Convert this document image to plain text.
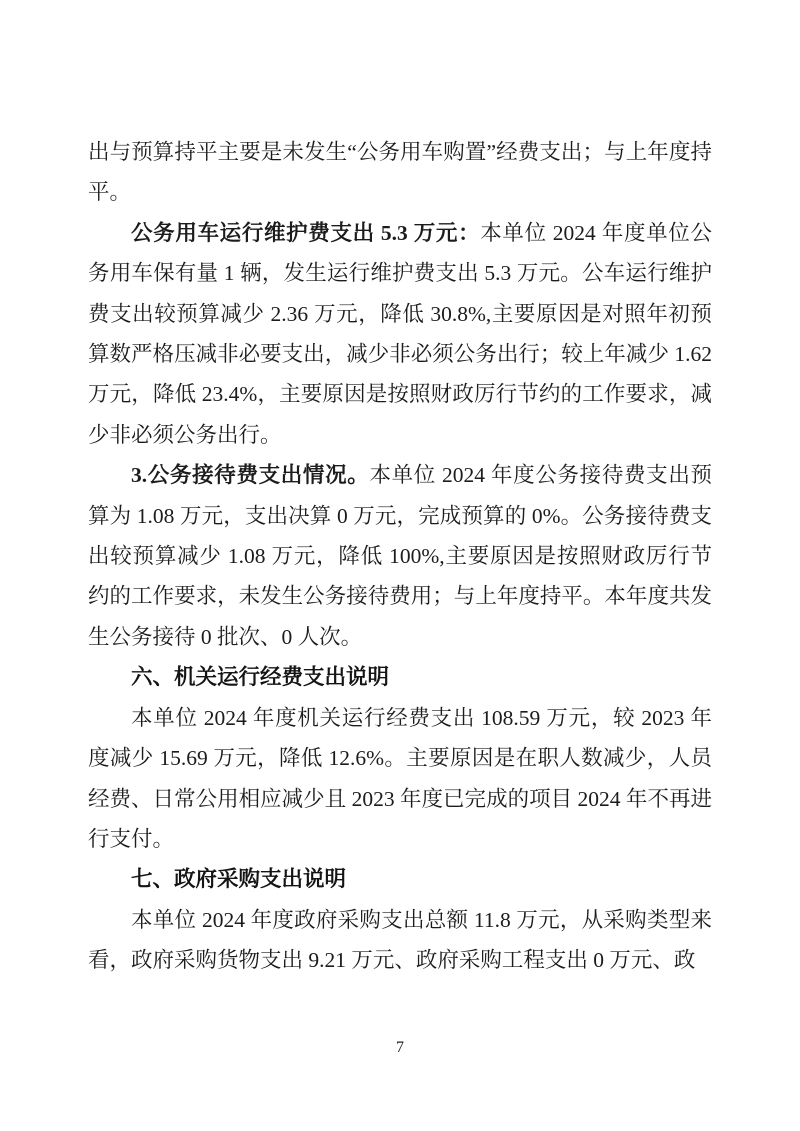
出与预算持平主要是未发生“公务用车购置”经费支出；与上年度持平。

公务用车运行维护费支出 5.3 万元：本单位 2024 年度单位公务用车保有量 1 辆，发生运行维护费支出 5.3 万元。公车运行维护费支出较预算减少 2.36 万元，降低 30.8%,主要原因是对照年初预算数严格压减非必要支出，减少非必须公务出行；较上年减少 1.62 万元，降低 23.4%，主要原因是按照财政厉行节约的工作要求，减少非必须公务出行。

3.公务接待费支出情况。本单位 2024 年度公务接待费支出预算为 1.08 万元，支出决算 0 万元，完成预算的 0%。公务接待费支出较预算减少 1.08 万元，降低 100%,主要原因是按照财政厉行节约的工作要求，未发生公务接待费用；与上年度持平。本年度共发生公务接待 0 批次、0 人次。

六、机关运行经费支出说明

本单位 2024 年度机关运行经费支出 108.59 万元，较 2023 年度减少 15.69 万元，降低 12.6%。主要原因是在职人数减少，人员经费、日常公用相应减少且 2023 年度已完成的项目 2024 年不再进行支付。

七、政府采购支出说明

本单位 2024 年度政府采购支出总额 11.8 万元，从采购类型来看，政府采购货物支出 9.21 万元、政府采购工程支出 0 万元、政

7
